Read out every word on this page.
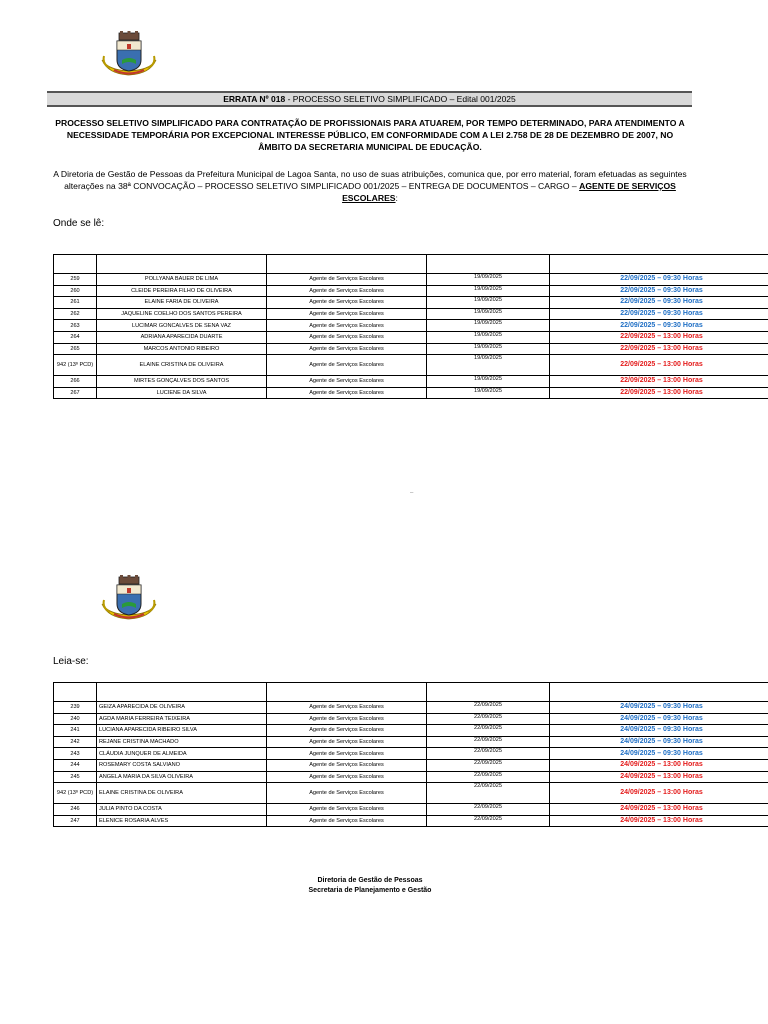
ERRATA Nº 018 - PROCESSO SELETIVO SIMPLIFICADO – Edital 001/2025
PROCESSO SELETIVO SIMPLIFICADO PARA CONTRATAÇÃO DE PROFISSIONAIS PARA ATUAREM, POR TEMPO DETERMINADO, PARA ATENDIMENTO A NECESSIDADE TEMPORÁRIA POR EXCEPCIONAL INTERESSE PÚBLICO, EM CONFORMIDADE COM A LEI 2.758 DE 28 DE DEZEMBRO DE 2007, NO ÂMBITO DA SECRETARIA MUNICIPAL DE EDUCAÇÃO.
A Diretoria de Gestão de Pessoas da Prefeitura Municipal de Lagoa Santa, no uso de suas atribuições, comunica que, por erro material, foram efetuadas as seguintes alterações na 38ª CONVOCAÇÃO – PROCESSO SELETIVO SIMPLIFICADO 001/2025 – ENTREGA DE DOCUMENTOS – CARGO – AGENTE DE SERVIÇOS ESCOLARES:
Onde se lê:

259	POLLYANA BAUER DE LIMA	Agente de Serviços Escolares	19/09/2025	22/09/2025 – 09:30 Horas
260	CLEIDE PEREIRA FILHO DE OLIVEIRA	Agente de Serviços Escolares	19/09/2025	22/09/2025 – 09:30 Horas
261	ELAINE FARIA DE OLIVEIRA	Agente de Serviços Escolares	19/09/2025	22/09/2025 – 09:30 Horas
262	JAQUELINE COELHO DOS SANTOS PEREIRA	Agente de Serviços Escolares	19/09/2025	22/09/2025 – 09:30 Horas
263	LUCIMAR GONCALVES DE SENA VAZ	Agente de Serviços Escolares	19/09/2025	22/09/2025 – 09:30 Horas
264	ADRIANA APARECIDA DUARTE	Agente de Serviços Escolares	19/09/2025	22/09/2025 – 13:00 Horas
265	MARCOS ANTONIO RIBEIRO	Agente de Serviços Escolares	19/09/2025	22/09/2025 – 13:00 Horas
942 (13º PCD)	ELAINE CRISTINA DE OLIVEIRA	Agente de Serviços Escolares	19/09/2025	22/09/2025 – 13:00 Horas
266	MIRTES GONÇALVES DOS SANTOS	Agente de Serviços Escolares	19/09/2025	22/09/2025 – 13:00 Horas
267	LUCIENE DA SILVA	Agente de Serviços Escolares	19/09/2025	22/09/2025 – 13:00 Horas
–
Leia-se:

239	GEIZA APARECIDA DE OLIVEIRA	Agente de Serviços Escolares	22/09/2025	24/09/2025 – 09:30 Horas
240	AGDA MARIA FERREIRA TEIXEIRA	Agente de Serviços Escolares	22/09/2025	24/09/2025 – 09:30 Horas
241	LUCIANA APARECIDA RIBEIRO SILVA	Agente de Serviços Escolares	22/09/2025	24/09/2025 – 09:30 Horas
242	REJANE CRISTINA MACHADO	Agente de Serviços Escolares	22/09/2025	24/09/2025 – 09:30 Horas
243	CLÁUDIA JUNQUER DE ALMEIDA	Agente de Serviços Escolares	22/09/2025	24/09/2025 – 09:30 Horas
244	ROSEMARY COSTA SALVIANO	Agente de Serviços Escolares	22/09/2025	24/09/2025 – 13:00 Horas
245	ANGELA MARIA DA SILVA OLIVEIRA	Agente de Serviços Escolares	22/09/2025	24/09/2025 – 13:00 Horas
942 (13º PCD)	ELAINE CRISTINA DE OLIVEIRA	Agente de Serviços Escolares	22/09/2025	24/09/2025 – 13:00 Horas
246	JULIA PINTO DA COSTA	Agente de Serviços Escolares	22/09/2025	24/09/2025 – 13:00 Horas
247	ELENICE ROSARIA ALVES	Agente de Serviços Escolares	22/09/2025	24/09/2025 – 13:00 Horas
Diretoria de Gestão de Pessoas
Secretaria de Planejamento e Gestão
